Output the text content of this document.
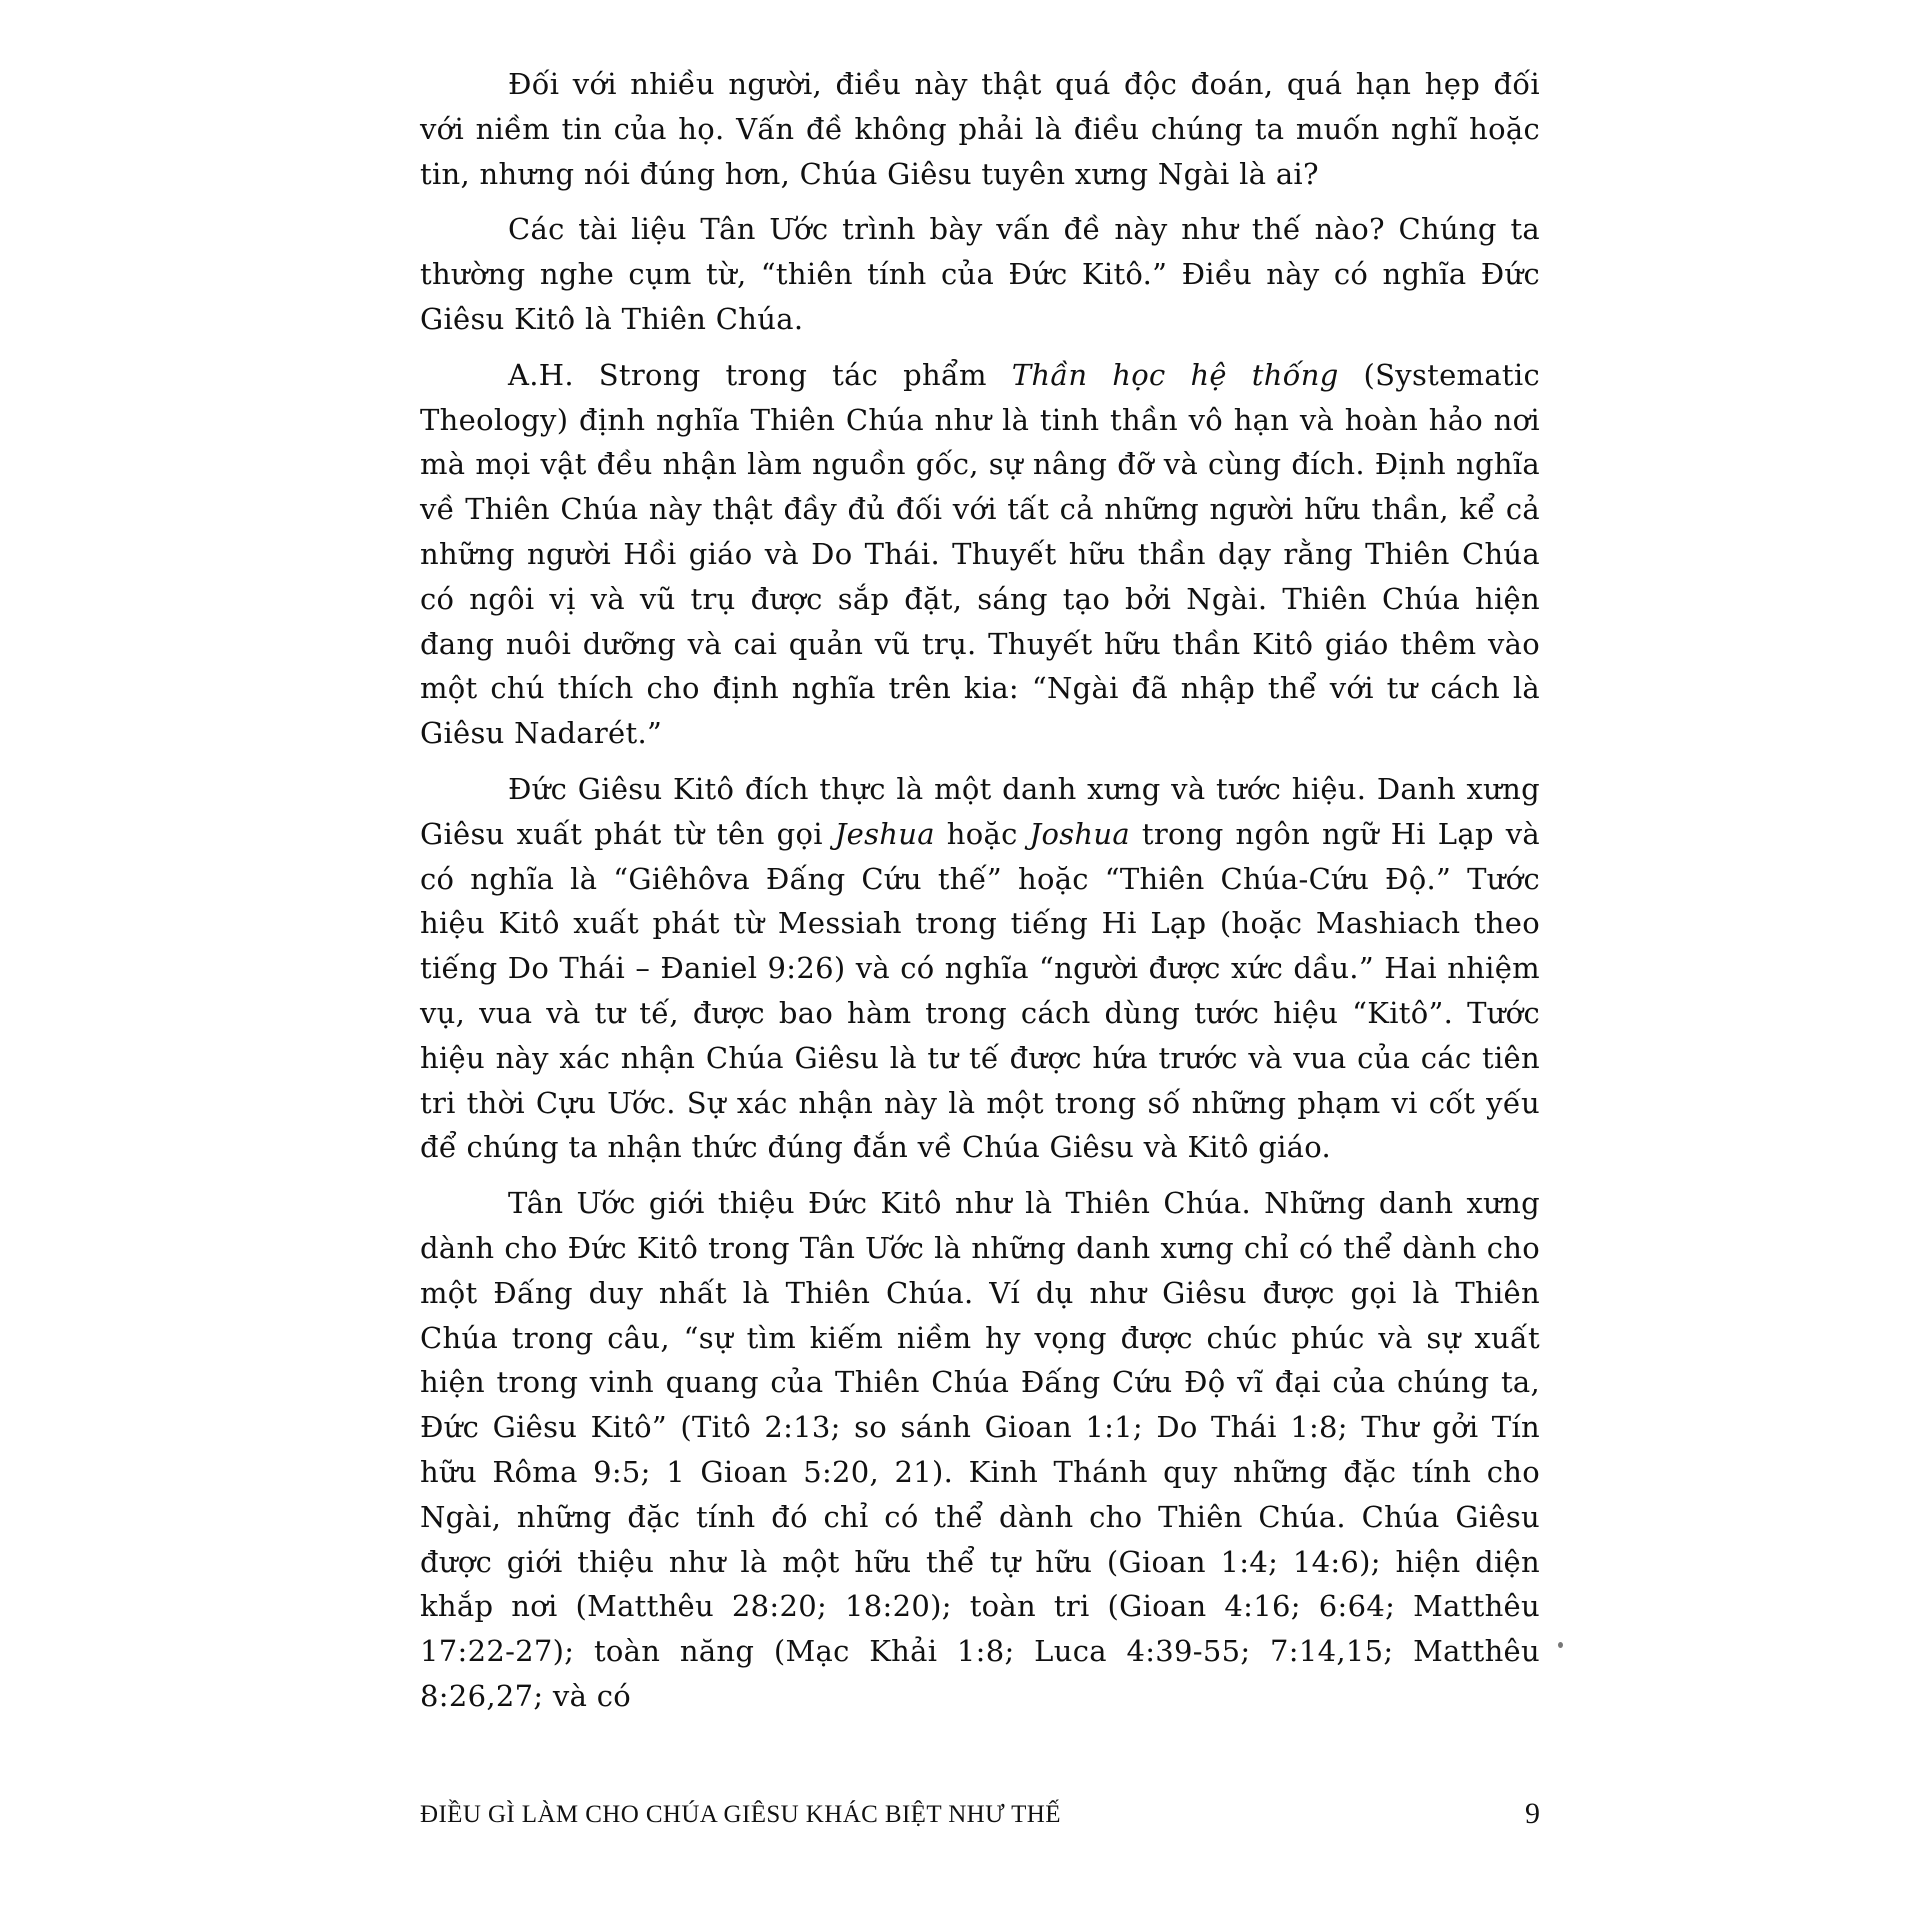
Đối với nhiều người, điều này thật quá độc đoán, quá hạn hẹp đối với niềm tin của họ. Vấn đề không phải là điều chúng ta muốn nghĩ hoặc tin, nhưng nói đúng hơn, Chúa Giêsu tuyên xưng Ngài là ai?

Các tài liệu Tân Ước trình bày vấn đề này như thế nào? Chúng ta thường nghe cụm từ, “thiên tính của Đức Kitô.” Điều này có nghĩa Đức Giêsu Kitô là Thiên Chúa.

A.H. Strong trong tác phẩm Thần học hệ thống (Systematic Theology) định nghĩa Thiên Chúa như là tinh thần vô hạn và hoàn hảo nơi mà mọi vật đều nhận làm nguồn gốc, sự nâng đỡ và cùng đích. Định nghĩa về Thiên Chúa này thật đầy đủ đối với tất cả những người hữu thần, kể cả những người Hồi giáo và Do Thái. Thuyết hữu thần dạy rằng Thiên Chúa có ngôi vị và vũ trụ được sắp đặt, sáng tạo bởi Ngài. Thiên Chúa hiện đang nuôi dưỡng và cai quản vũ trụ. Thuyết hữu thần Kitô giáo thêm vào một chú thích cho định nghĩa trên kia: “Ngài đã nhập thể với tư cách là Giêsu Nadarét.”

Đức Giêsu Kitô đích thực là một danh xưng và tước hiệu. Danh xưng Giêsu xuất phát từ tên gọi Jeshua hoặc Joshua trong ngôn ngữ Hi Lạp và có nghĩa là “Giêhôva Đấng Cứu thế” hoặc “Thiên Chúa-Cứu Độ.” Tước hiệu Kitô xuất phát từ Messiah trong tiếng Hi Lạp (hoặc Mashiach theo tiếng Do Thái – Đaniel 9:26) và có nghĩa “người được xức dầu.” Hai nhiệm vụ, vua và tư tế, được bao hàm trong cách dùng tước hiệu “Kitô”. Tước hiệu này xác nhận Chúa Giêsu là tư tế được hứa trước và vua của các tiên tri thời Cựu Ước. Sự xác nhận này là một trong số những phạm vi cốt yếu để chúng ta nhận thức đúng đắn về Chúa Giêsu và Kitô giáo.

Tân Ước giới thiệu Đức Kitô như là Thiên Chúa. Những danh xưng dành cho Đức Kitô trong Tân Ước là những danh xưng chỉ có thể dành cho một Đấng duy nhất là Thiên Chúa. Ví dụ như Giêsu được gọi là Thiên Chúa trong câu, “sự tìm kiếm niềm hy vọng được chúc phúc và sự xuất hiện trong vinh quang của Thiên Chúa Đấng Cứu Độ vĩ đại của chúng ta, Đức Giêsu Kitô” (Titô 2:13; so sánh Gioan 1:1; Do Thái 1:8; Thư gởi Tín hữu Rôma 9:5; 1 Gioan 5:20, 21). Kinh Thánh quy những đặc tính cho Ngài, những đặc tính đó chỉ có thể dành cho Thiên Chúa. Chúa Giêsu được giới thiệu như là một hữu thể tự hữu (Gioan 1:4; 14:6); hiện diện khắp nơi (Matthêu 28:20; 18:20); toàn tri (Gioan 4:16; 6:64; Matthêu 17:22-27); toàn năng (Mạc Khải 1:8; Luca 4:39-55; 7:14,15; Matthêu 8:26,27; và có

ĐIỀU GÌ LÀM CHO CHÚA GIÊSU KHÁC BIỆT NHƯ THẾ	9
